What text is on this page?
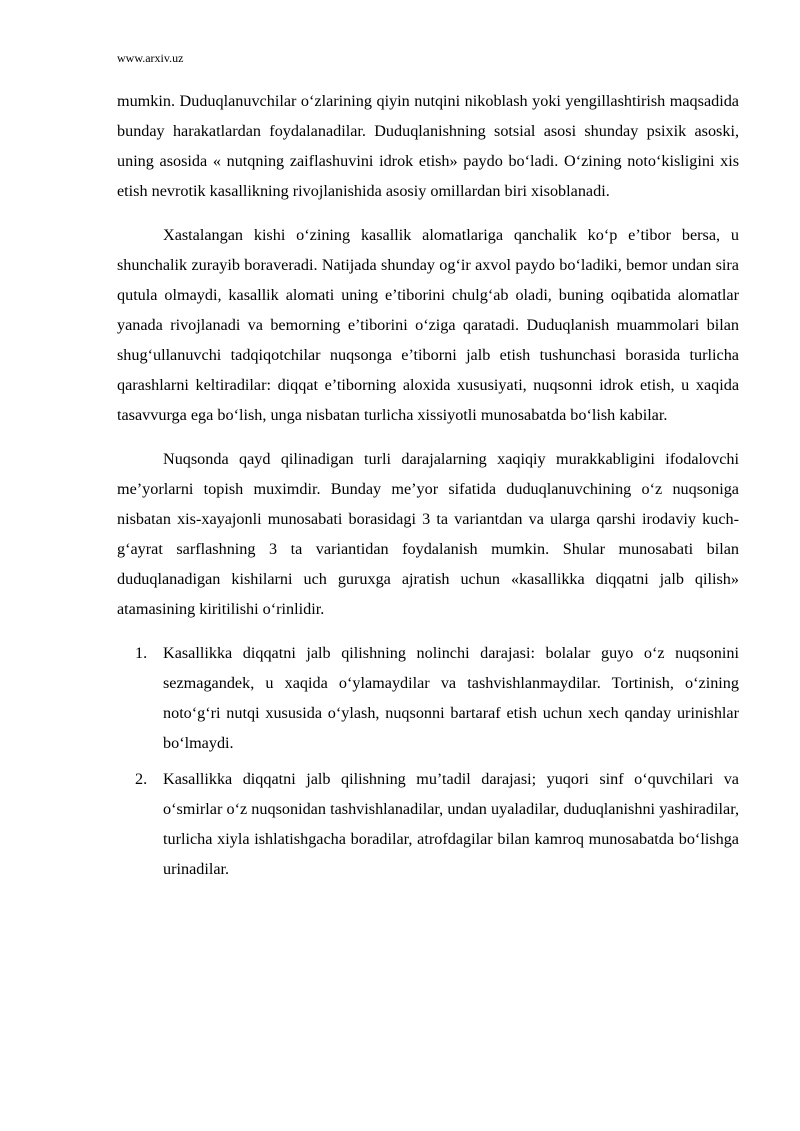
www.arxiv.uz

mumkin. Duduqlanuvchilar o‘zlarining qiyin nutqini nikoblash yoki yengillashtirish maqsadida bunday harakatlardan foydalanadilar. Duduqlanishning sotsial asosi shunday psixik asoski, uning asosida « nutqning zaiflashuvini idrok etish» paydo bo‘ladi. O‘zining noto‘kisligini xis etish nevrotik kasallikning rivojlanishida asosiy omillardan biri xisoblanadi.

Xastalangan kishi o‘zining kasallik alomatlariga qanchalik ko‘p e’tibor bersa, u shunchalik zurayib boraveradi. Natijada shunday og‘ir axvol paydo bo‘ladiki, bemor undan sira qutula olmaydi, kasallik alomati uning e’tiborini chulg‘ab oladi, buning oqibatida alomatlar yanada rivojlanadi va bemorning e’tiborini o‘ziga qaratadi. Duduqlanish muammolari bilan shug‘ullanuvchi tadqiqotchilar nuqsonga e’tiborni jalb etish tushunchasi borasida turlicha qarashlarni keltiradilar: diqqat e’tiborning aloxida xususiyati, nuqsonni idrok etish, u xaqida tasavvurga ega bo‘lish, unga nisbatan turlicha xissiyotli munosabatda bo‘lish kabilar.

Nuqsonda qayd qilinadigan turli darajalarning xaqiqiy murakkabligini ifodalovchi me’yorlarni topish muximdir. Bunday me’yor sifatida duduqlanuvchining o‘z nuqsoniga nisbatan xis-xayajonli munosabati borasidagi 3 ta variantdan va ularga qarshi irodaviy kuch-g‘ayrat sarflashning 3 ta variantidan foydalanish mumkin. Shular munosabati bilan duduqlanadigan kishilarni uch guruxga ajratish uchun «kasallikka diqqatni jalb qilish» atamasining kiritilishi o‘rinlidir.

1. Kasallikka diqqatni jalb qilishning nolinchi darajasi: bolalar guyo o‘z nuqsonini sezmagandek, u xaqida o‘ylamaydilar va tashvishlanmaydilar. Tortinish, o‘zining noto‘g‘ri nutqi xususida o‘ylash, nuqsonni bartaraf etish uchun xech qanday urinishlar bo‘lmaydi.
2. Kasallikka diqqatni jalb qilishning mu’tadil darajasi; yuqori sinf o‘quvchilari va o‘smirlar o‘z nuqsonidan tashvishlanadilar, undan uyaladilar, duduqlanishni yashiradilar, turlicha xiyla ishlatishgacha boradilar, atrofdagilar bilan kamroq munosabatda bo‘lishga urinadilar.
